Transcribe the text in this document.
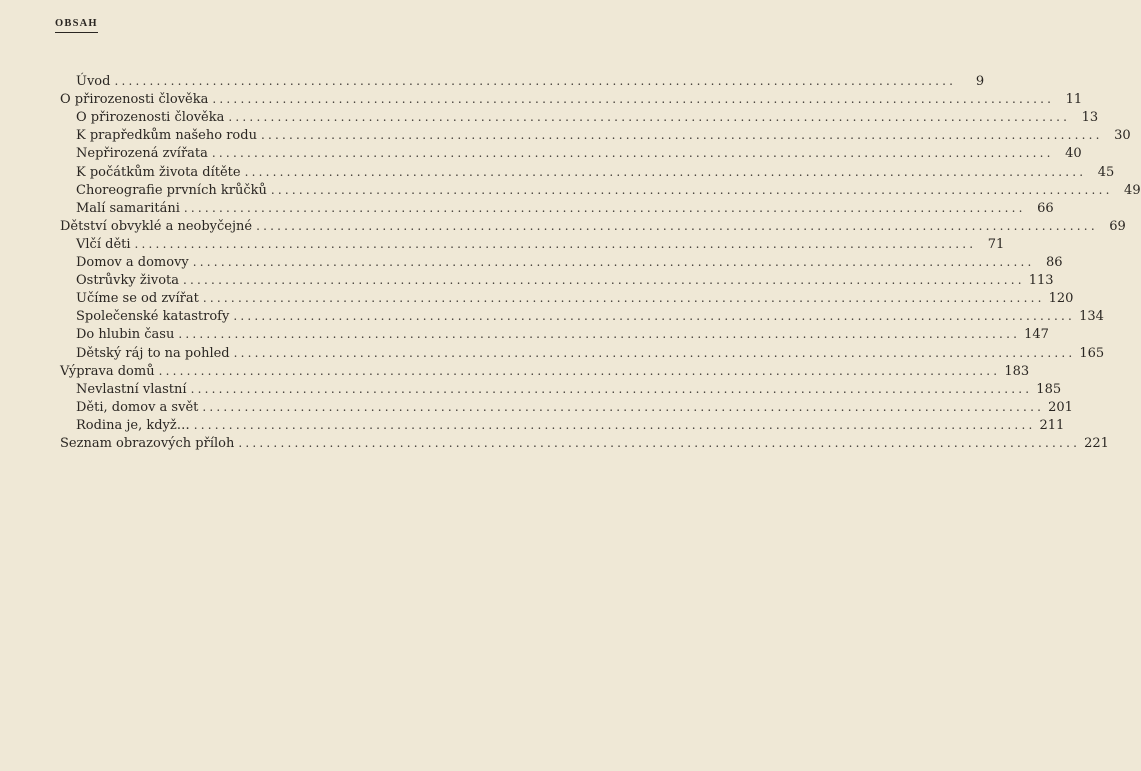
OBSAH
Úvod ........................................................................................................................	9
O přirozenosti člověka ........................................................................................................................ 11
O přirozenosti člověka ........................................................................................................................ 13
K prapředkům našeho rodu ........................................................................................................................ 30
Nepřirozená zvířata ........................................................................................................................ 40
K počátkům života dítěte ........................................................................................................................ 45
Choreografie prvních krůčků ........................................................................................................................ 49
Malí samaritáni ........................................................................................................................ 66
Dětství obvyklé a neobyčejné ........................................................................................................................ 69
Vlčí děti ........................................................................................................................ 71
Domov a domovy ........................................................................................................................ 86
Ostrůvky života ........................................................................................................................ 113
Učíme se od zvířat ........................................................................................................................ 120
Společenské katastrofy ........................................................................................................................ 134
Do hlubin času ........................................................................................................................ 147
Dětský ráj to na pohled ........................................................................................................................ 165
Výprava domů ........................................................................................................................ 183
Nevlastní vlastní ........................................................................................................................ 185
Děti, domov a svět ........................................................................................................................ 201
Rodina je, když… ........................................................................................................................ 211
Seznam obrazových příloh ........................................................................................................................ 221
